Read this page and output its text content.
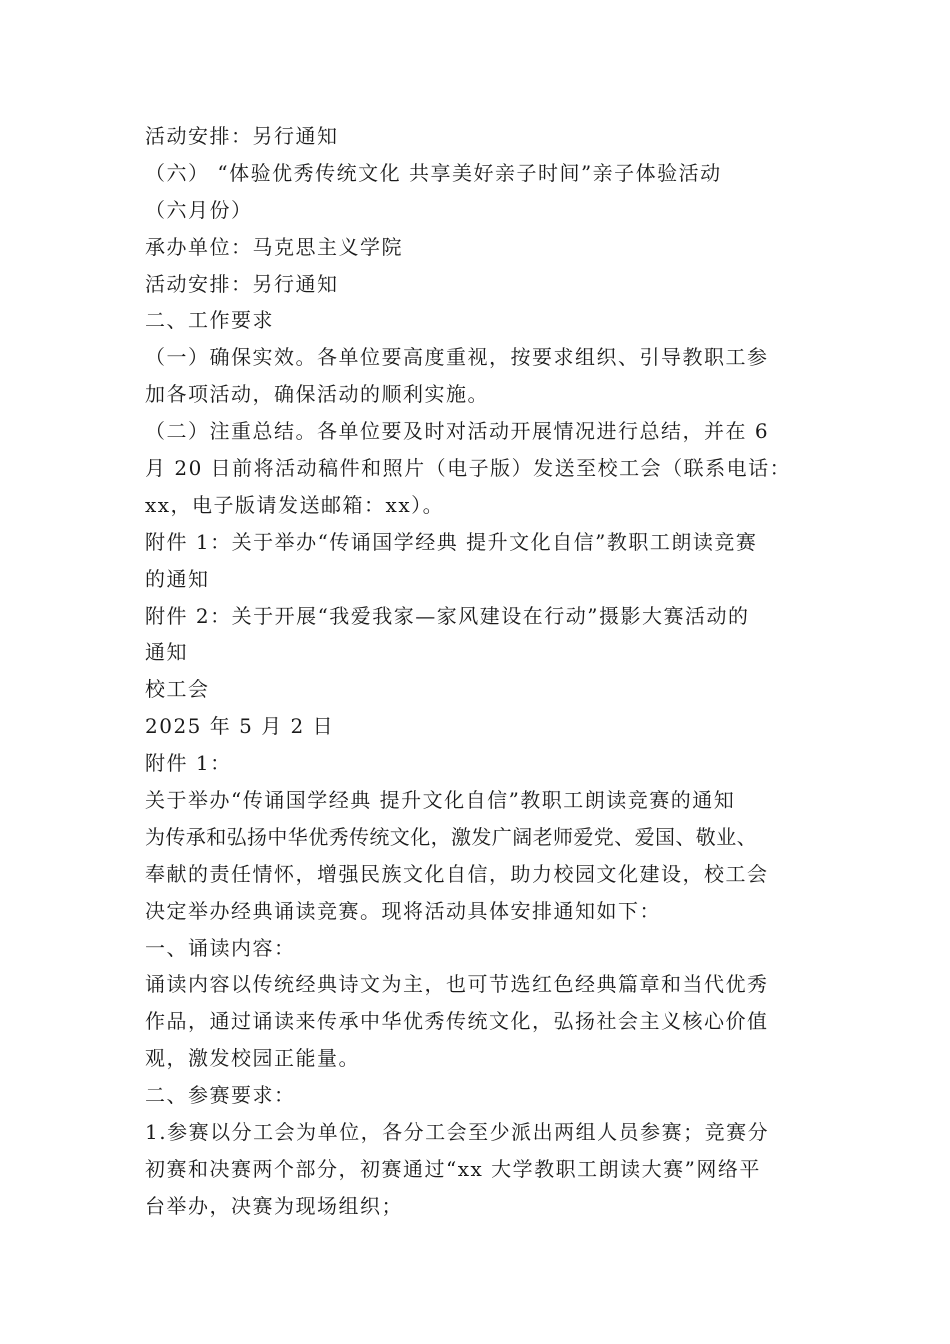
活动安排：另行通知

（六） “体验优秀传统文化 共享美好亲子时间”亲子体验活动

（六月份）

承办单位：马克思主义学院

活动安排：另行通知

二、工作要求

（一）确保实效。各单位要高度重视，按要求组织、引导教职工参

加各项活动，确保活动的顺利实施。

（二）注重总结。各单位要及时对活动开展情况进行总结，并在 6

月 20 日前将活动稿件和照片（电子版）发送至校工会（联系电话：

xx，电子版请发送邮箱：xx）。

附件 1：关于举办“传诵国学经典 提升文化自信”教职工朗读竞赛

的通知

附件 2：关于开展“我爱我家—家风建设在行动”摄影大赛活动的

通知

校工会

2025 年 5 月 2 日

附件 1：

关于举办“传诵国学经典 提升文化自信”教职工朗读竞赛的通知

为传承和弘扬中华优秀传统文化，激发广阔老师爱党、爱国、敬业、

奉献的责任情怀，增强民族文化自信，助力校园文化建设，校工会

决定举办经典诵读竞赛。现将活动具体安排通知如下：

一、诵读内容：

诵读内容以传统经典诗文为主，也可节选红色经典篇章和当代优秀

作品，通过诵读来传承中华优秀传统文化，弘扬社会主义核心价值

观，激发校园正能量。

二、参赛要求：

1.参赛以分工会为单位，各分工会至少派出两组人员参赛；竞赛分

初赛和决赛两个部分，初赛通过“xx 大学教职工朗读大赛”网络平

台举办，决赛为现场组织；
